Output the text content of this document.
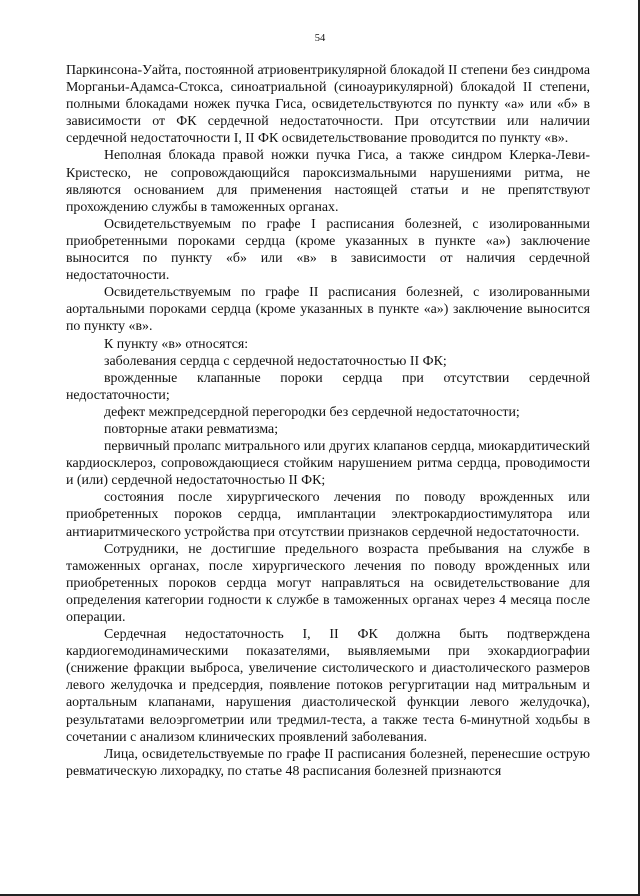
54

Паркинсона-Уайта, постоянной атриовентрикулярной блокадой II степени без синдрома Морганьи-Адамса-Стокса, синоатриальной (синоаурикулярной) блокадой II степени, полными блокадами ножек пучка Гиса, освидетельствуются по пункту «а» или «б» в зависимости от ФК сердечной недостаточности. При отсутствии или наличии сердечной недостаточности I, II ФК освидетельствование проводится по пункту «в».

Неполная блокада правой ножки пучка Гиса, а также синдром Клерка-Леви-Кристеско, не сопровождающийся пароксизмальными нарушениями ритма, не являются основанием для применения настоящей статьи и не препятствуют прохождению службы в таможенных органах.

Освидетельствуемым по графе I расписания болезней, с изолированными приобретенными пороками сердца (кроме указанных в пункте «а») заключение выносится по пункту «б» или «в» в зависимости от наличия сердечной недостаточности.

Освидетельствуемым по графе II расписания болезней, с изолированными аортальными пороками сердца (кроме указанных в пункте «а») заключение выносится по пункту «в».

К пункту «в» относятся:

заболевания сердца с сердечной недостаточностью II ФК;

врожденные клапанные пороки сердца при отсутствии сердечной недостаточности;

дефект межпредсердной перегородки без сердечной недостаточности;

повторные атаки ревматизма;

первичный пролапс митрального или других клапанов сердца, миокардитический кардиосклероз, сопровождающиеся стойким нарушением ритма сердца, проводимости и (или) сердечной недостаточностью II ФК;

состояния после хирургического лечения по поводу врожденных или приобретенных пороков сердца, имплантации электрокардиостимулятора или антиаритмического устройства при отсутствии признаков сердечной недостаточности.

Сотрудники, не достигшие предельного возраста пребывания на службе в таможенных органах, после хирургического лечения по поводу врожденных или приобретенных пороков сердца могут направляться на освидетельствование для определения категории годности к службе в таможенных органах через 4 месяца после операции.

Сердечная недостаточность I, II ФК должна быть подтверждена кардиогемодинамическими показателями, выявляемыми при эхокардиографии (снижение фракции выброса, увеличение систолического и диастолического размеров левого желудочка и предсердия, появление потоков регургитации над митральным и аортальным клапанами, нарушения диастолической функции левого желудочка), результатами велоэргометрии или тредмил-теста, а также теста 6-минутной ходьбы в сочетании с анализом клинических проявлений заболевания.

Лица, освидетельствуемые по графе II расписания болезней, перенесшие острую ревматическую лихорадку, по статье 48 расписания болезней признаются
